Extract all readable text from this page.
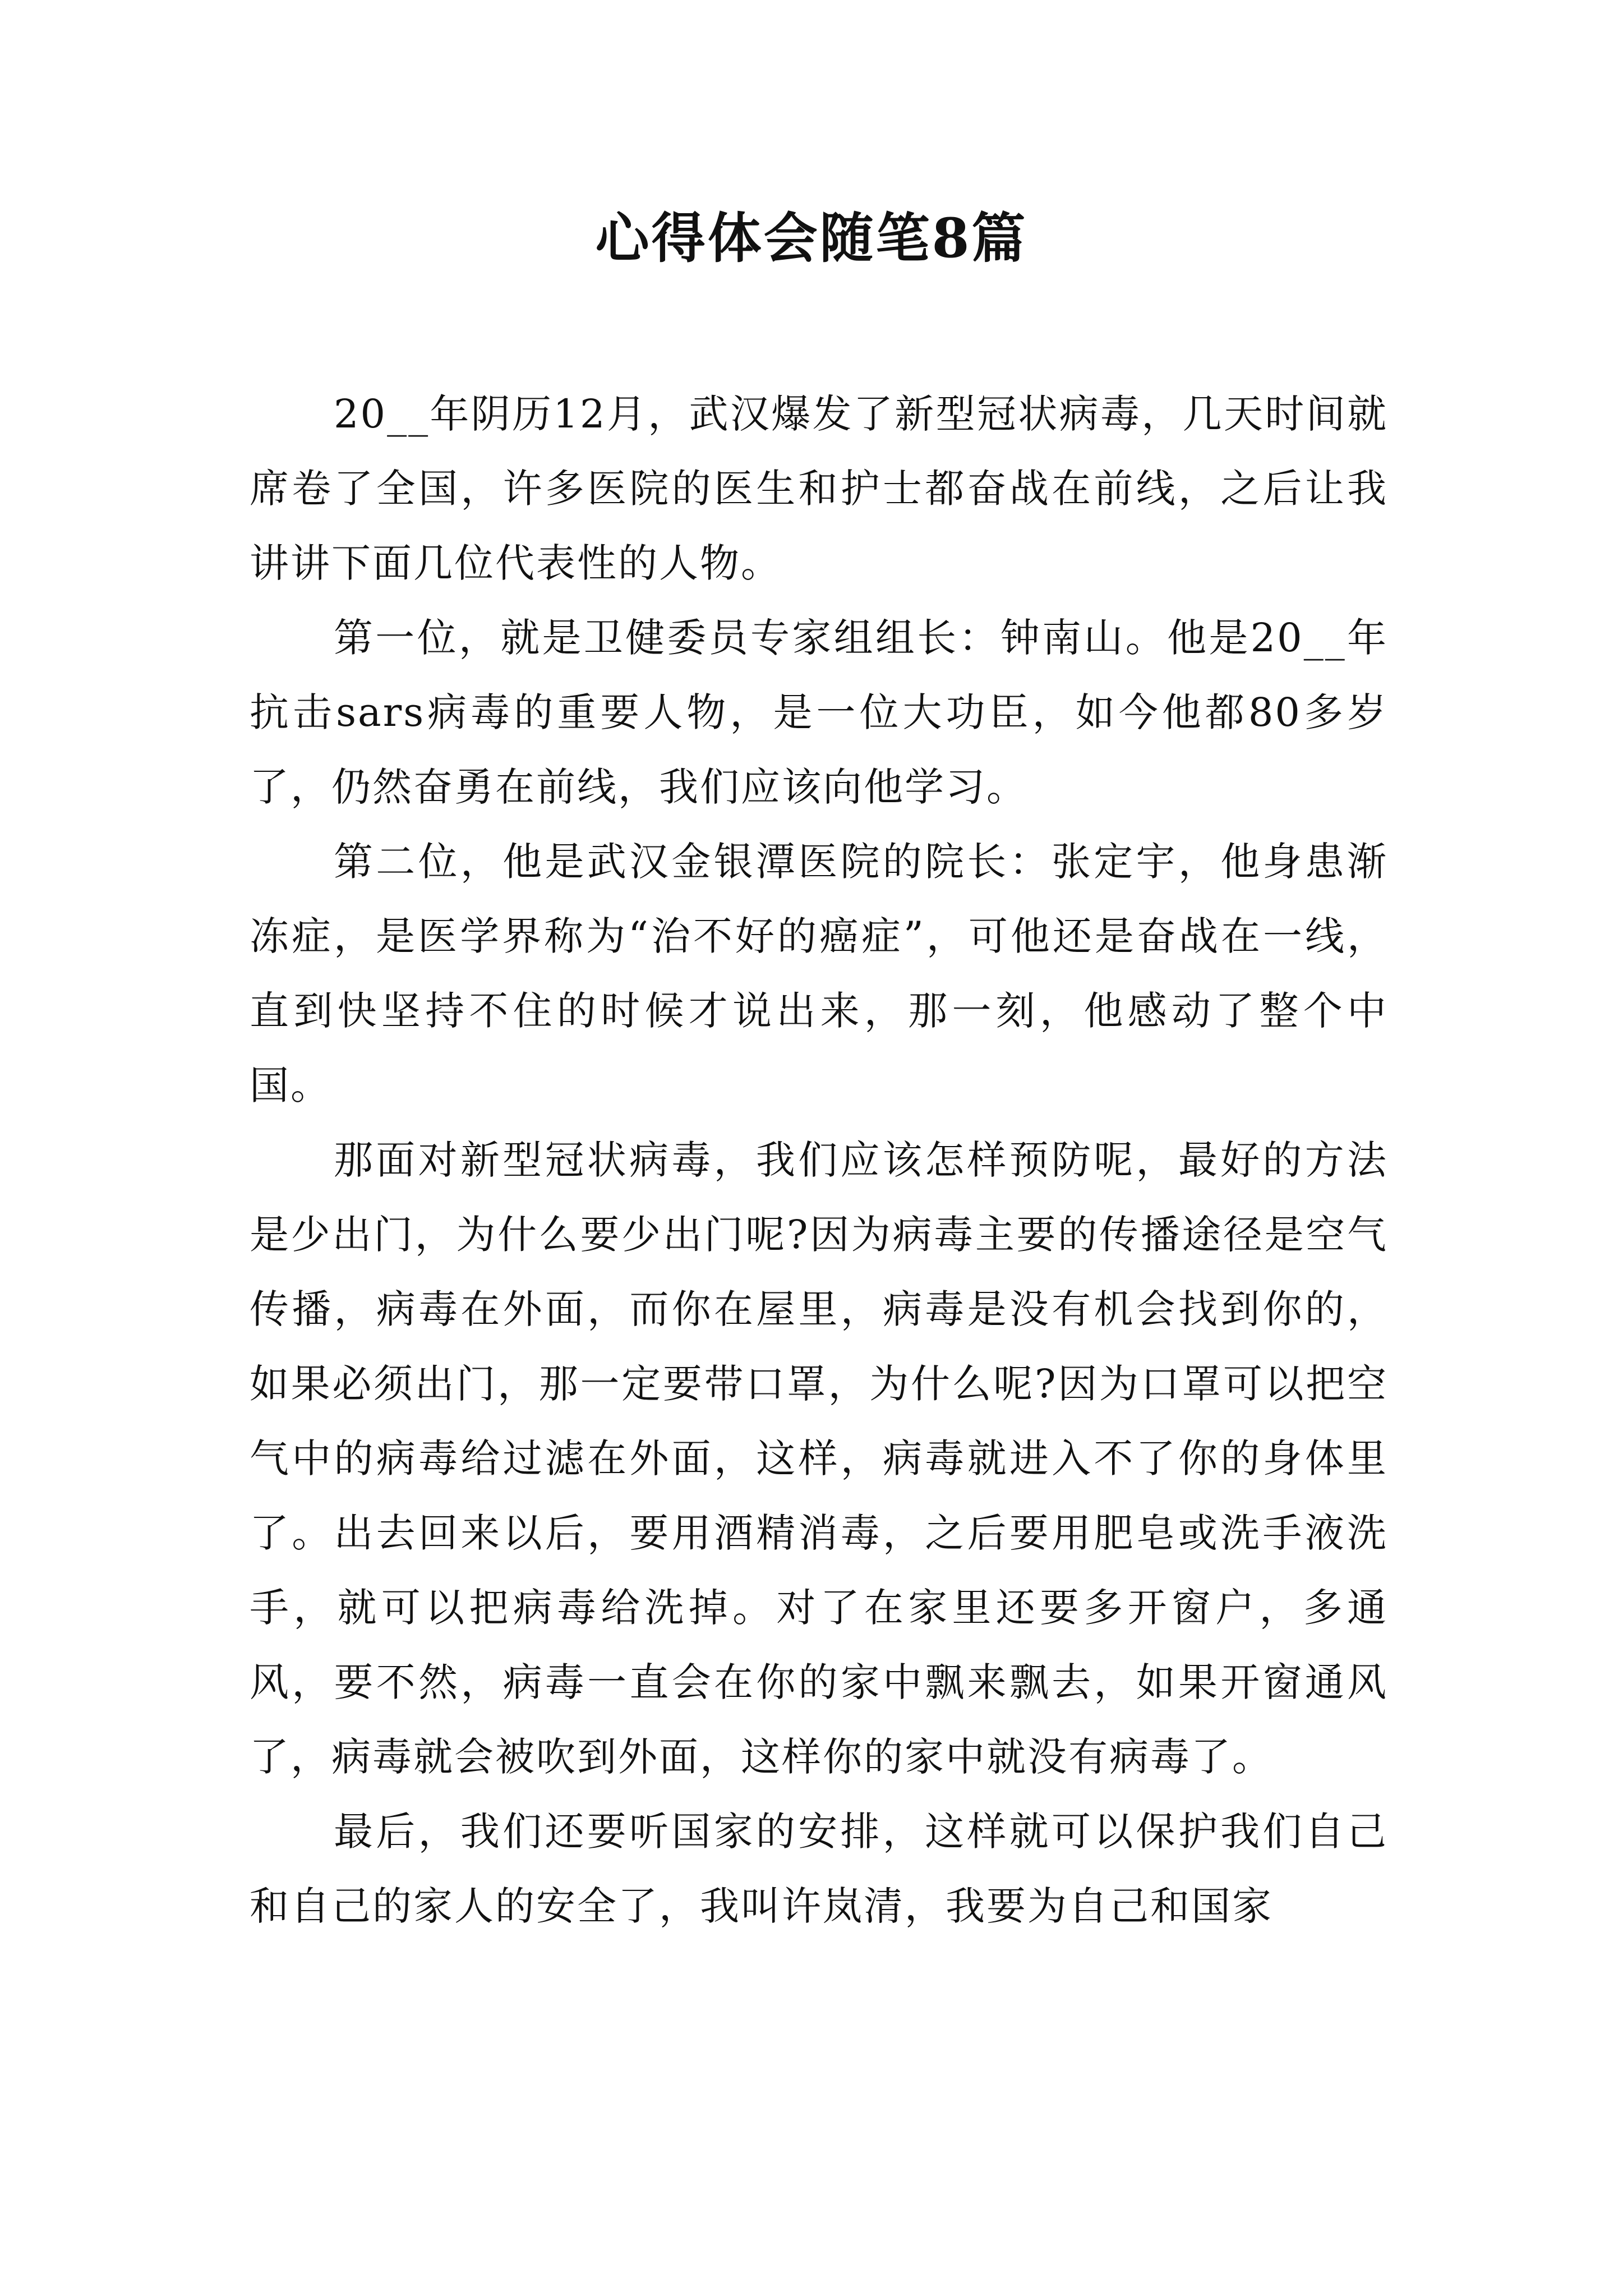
心得体会随笔8篇

20__年阴历12月，武汉爆发了新型冠状病毒，几天时间就席卷了全国，许多医院的医生和护士都奋战在前线，之后让我讲讲下面几位代表性的人物。

第一位，就是卫健委员专家组组长：钟南山。他是20__年抗击sars病毒的重要人物，是一位大功臣，如今他都80多岁了，仍然奋勇在前线，我们应该向他学习。

第二位，他是武汉金银潭医院的院长：张定宇，他身患渐冻症，是医学界称为“治不好的癌症”，可他还是奋战在一线，直到快坚持不住的时候才说出来，那一刻，他感动了整个中国。

那面对新型冠状病毒，我们应该怎样预防呢，最好的方法是少出门，为什么要少出门呢?因为病毒主要的传播途径是空气传播，病毒在外面，而你在屋里，病毒是没有机会找到你的，如果必须出门，那一定要带口罩，为什么呢?因为口罩可以把空气中的病毒给过滤在外面，这样，病毒就进入不了你的身体里了。出去回来以后，要用酒精消毒，之后要用肥皂或洗手液洗手，就可以把病毒给洗掉。对了在家里还要多开窗户，多通风，要不然，病毒一直会在你的家中飘来飘去，如果开窗通风了，病毒就会被吹到外面，这样你的家中就没有病毒了。

最后，我们还要听国家的安排，这样就可以保护我们自己和自己的家人的安全了，我叫许岚清，我要为自己和国家
